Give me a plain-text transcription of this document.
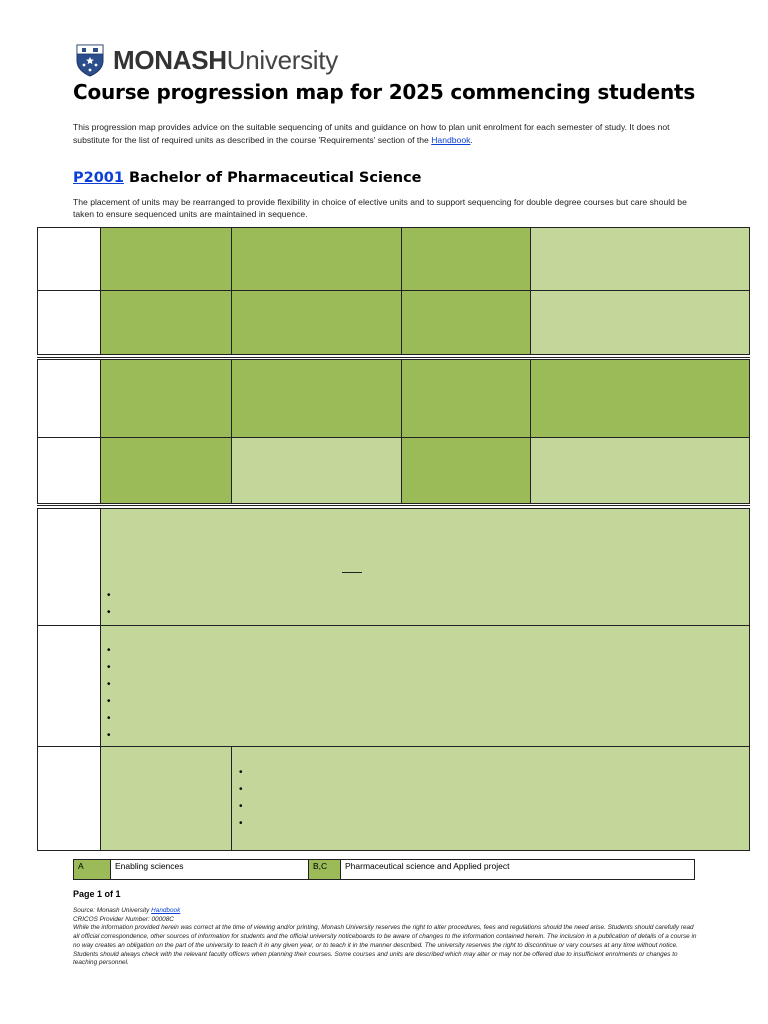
MONASHUniversity
Course progression map for 2025 commencing students

This progression map provides advice on the suitable sequencing of units and guidance on how to plan unit enrolment for each semester of study. It does not substitute for the list of required units as described in the course 'Requirements' section of the Handbook.

P2001 Bachelor of Pharmaceutical Science

The placement of units may be rearranged to provide flexibility in choice of elective units and to support sequencing for double degree courses but care should be taken to ensure sequenced units are maintained in sequence.

•
•
•
•
•
•
•
•
•
•
•
•
A	Enabling sciences	B,C	Pharmaceutical science and Applied project
Page 1 of 1
Source: Monash University Handbook
CRICOS Provider Number: 00008C
While the information provided herein was correct at the time of viewing and/or printing, Monash University reserves the right to alter procedures, fees and regulations should the need arise. Students should carefully read all official correspondence, other sources of information for students and the official university noticeboards to be aware of changes to the information contained herein. The inclusion in a publication of details of a course in no way creates an obligation on the part of the university to teach it in any given year, or to teach it in the manner described. The university reserves the right to discontinue or vary courses at any time without notice. Students should always check with the relevant faculty officers when planning their courses. Some courses and units are described which may alter or may not be offered due to insufficient enrolments or changes to teaching personnel.
